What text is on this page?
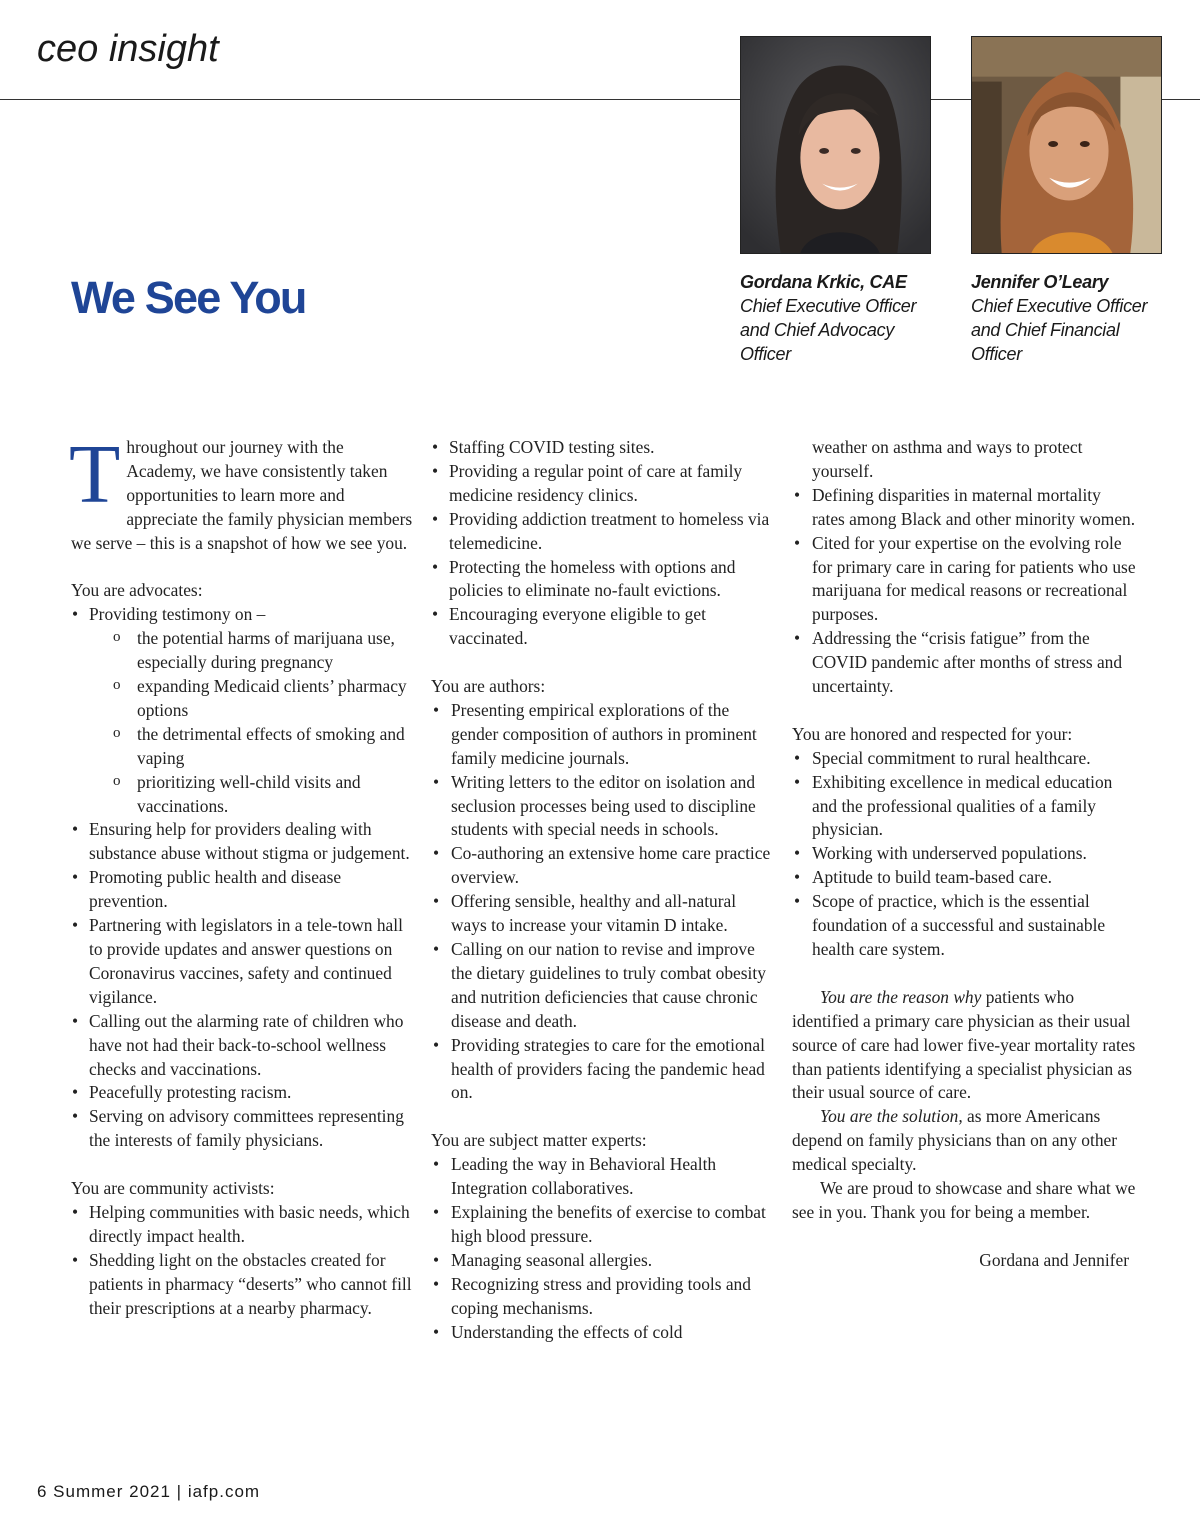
ceo insight
Gordana Krkic, CAE
Chief Executive Officer
and Chief Advocacy
Officer
Jennifer O’Leary
Chief Executive Officer
and Chief Financial
Officer
We See You

Throughout our journey with the Academy, we have consistently taken opportunities to learn more and appreciate the family physician members we serve – this is a snapshot of how we see you.

You are advocates:

• Providing testimony on –
o the potential harms of marijuana use, especially during pregnancy
o expanding Medicaid clients’ pharmacy options
o the detrimental effects of smoking and vaping
o prioritizing well-child visits and vaccinations.
• Ensuring help for providers dealing with substance abuse without stigma or judgement.
• Promoting public health and disease prevention.
• Partnering with legislators in a tele-town hall to provide updates and answer questions on Coronavirus vaccines, safety and continued vigilance.
• Calling out the alarming rate of children who have not had their back-to-school wellness checks and vaccinations.
• Peacefully protesting racism.
• Serving on advisory committees representing the interests of family physicians.

You are community activists:

• Helping communities with basic needs, which directly impact health.
• Shedding light on the obstacles created for patients in pharmacy “deserts” who cannot fill their prescriptions at a nearby pharmacy.
• Staffing COVID testing sites.
• Providing a regular point of care at family medicine residency clinics.
• Providing addiction treatment to homeless via telemedicine.
• Protecting the homeless with options and policies to eliminate no-fault evictions.
• Encouraging everyone eligible to get vaccinated.

You are authors:

• Presenting empirical explorations of the gender composition of authors in prominent family medicine journals.
• Writing letters to the editor on isolation and seclusion processes being used to discipline students with special needs in schools.
• Co-authoring an extensive home care practice overview.
• Offering sensible, healthy and all-natural ways to increase your vitamin D intake.
• Calling on our nation to revise and improve the dietary guidelines to truly combat obesity and nutrition deficiencies that cause chronic disease and death.
• Providing strategies to care for the emotional health of providers facing the pandemic head on.

You are subject matter experts:

• Leading the way in Behavioral Health Integration collaboratives.
• Explaining the benefits of exercise to combat high blood pressure.
• Managing seasonal allergies.
• Recognizing stress and providing tools and coping mechanisms.
• Understanding the effects of cold

weather on asthma and ways to protect yourself.

• Defining disparities in maternal mortality rates among Black and other minority women.
• Cited for your expertise on the evolving role for primary care in caring for patients who use marijuana for medical reasons or recreational purposes.
• Addressing the “crisis fatigue” from the COVID pandemic after months of stress and uncertainty.

You are honored and respected for your:

• Special commitment to rural healthcare.
• Exhibiting excellence in medical education and the professional qualities of a family physician.
• Working with underserved populations.
• Aptitude to build team-based care.
• Scope of practice, which is the essential foundation of a successful and sustainable health care system.

You are the reason why patients who identified a primary care physician as their usual source of care had lower five-year mortality rates than patients identifying a specialist physician as their usual source of care.

You are the solution, as more Americans depend on family physicians than on any other medical specialty.

We are proud to showcase and share what we see in you. Thank you for being a member.

Gordana and Jennifer

6 Summer 2021 | iafp.com
